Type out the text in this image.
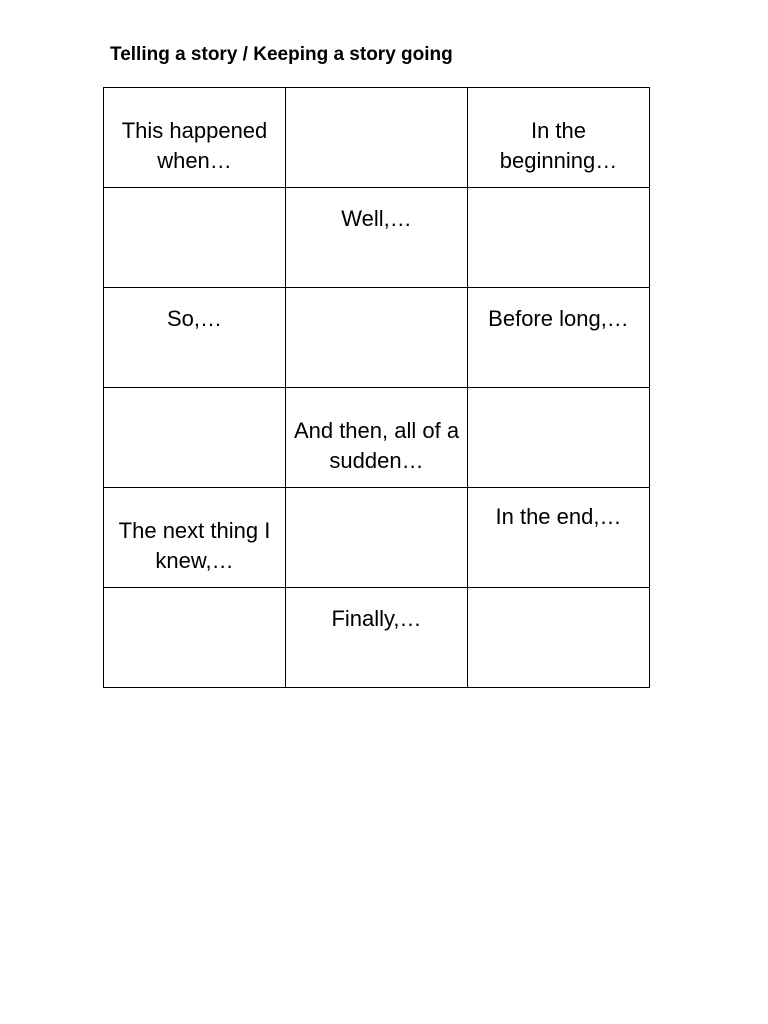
Telling a story / Keeping a story going
This happened when…		In the beginning…
	Well,…	
So,…		Before long,…
	And then, all of a sudden…	
The next thing I knew,…		In the end,…
	Finally,…	
